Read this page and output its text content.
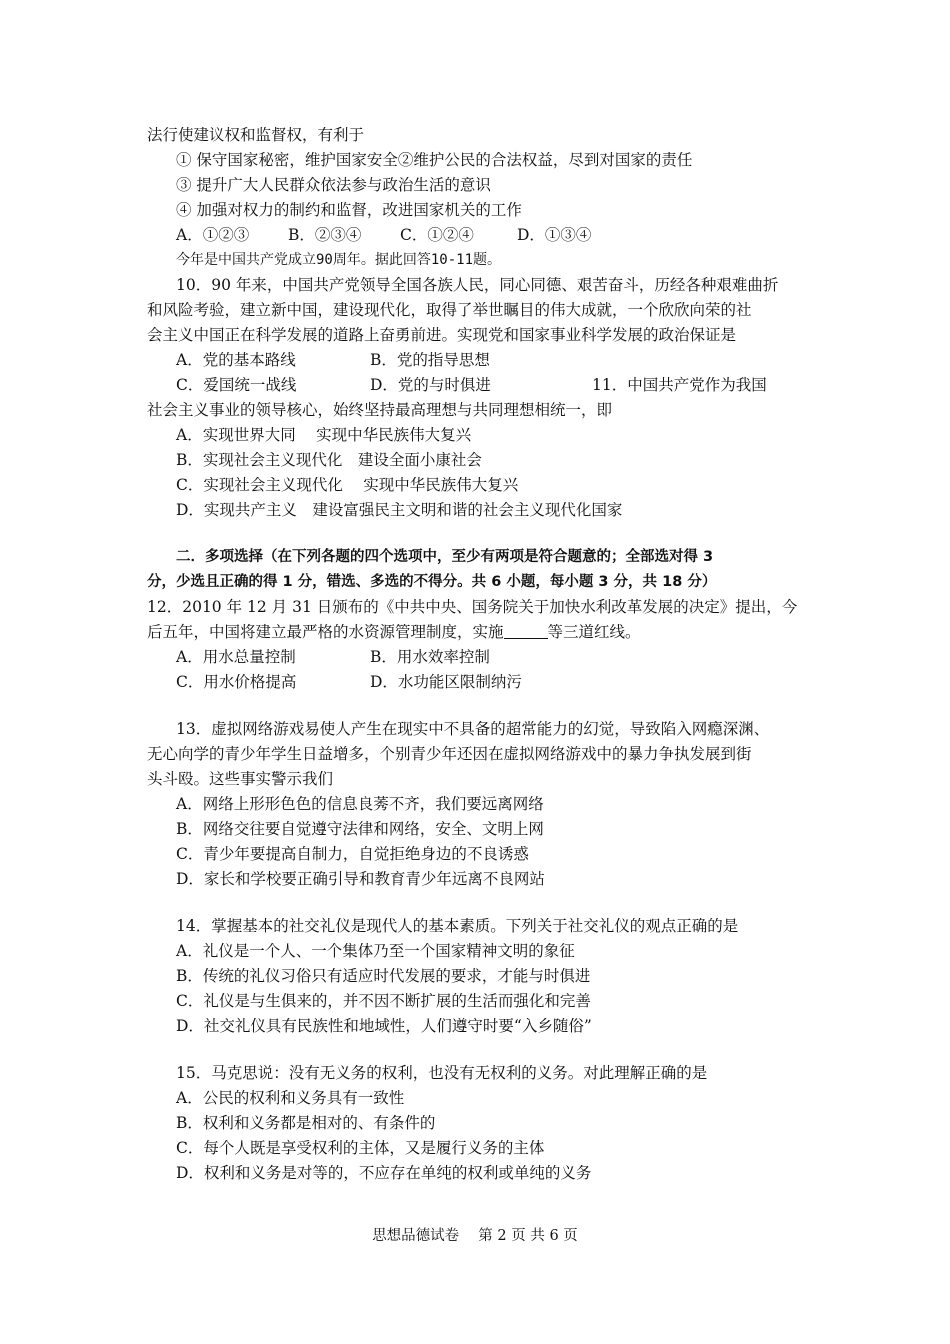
法行使建议权和监督权，有利于
① 保守国家秘密，维护国家安全②维护公民的合法权益，尽到对国家的责任
③ 提升广大人民群众依法参与政治生活的意识
④ 加强对权力的制约和监督，改进国家机关的工作
A．①②③	B．②③④ C．①②④	D．①③④
今年是中国共产党成立90周年。据此回答10-11题。
10．90 年来，中国共产党领导全国各族人民，同心同德、艰苦奋斗，历经各种艰难曲折
和风险考验，建立新中国，建设现代化，取得了举世瞩目的伟大成就，一个欣欣向荣的社
会主义中国正在科学发展的道路上奋勇前进。实现党和国家事业科学发展的政治保证是
A．党的基本路线	B．党的指导思想
C．爱国统一战线	D．党的与时俱进	11．中国共产党作为我国
社会主义事业的领导核心，始终坚持最高理想与共同理想相统一，即
A．实现世界大同　 实现中华民族伟大复兴
B．实现社会主义现代化　建设全面小康社会
C．实现社会主义现代化　 实现中华民族伟大复兴
D．实现共产主义　建设富强民主文明和谐的社会主义现代化国家
二．多项选择（在下列各题的四个选项中，至少有两项是符合题意的；全部选对得 3
分，少选且正确的得 1 分，错选、多选的不得分。共 6 小题，每小题 3 分，共 18 分）
12．2010 年 12 月 31 日颁布的《中共中央、国务院关于加快水利改革发展的决定》提出，今
后五年，中国将建立最严格的水资源管理制度，实施	等三道红线。
A．用水总量控制	B．用水效率控制
C．用水价格提高	D．水功能区限制纳污
13．虚拟网络游戏易使人产生在现实中不具备的超常能力的幻觉，导致陷入网瘾深渊、
无心向学的青少年学生日益增多，个别青少年还因在虚拟网络游戏中的暴力争执发展到街
头斗殴。这些事实警示我们
A．网络上形形色色的信息良莠不齐，我们要远离网络
B．网络交往要自觉遵守法律和网络，安全、文明上网
C．青少年要提高自制力，自觉拒绝身边的不良诱惑
D．家长和学校要正确引导和教育青少年远离不良网站
14．掌握基本的社交礼仪是现代人的基本素质。下列关于社交礼仪的观点正确的是
A．礼仪是一个人、一个集体乃至一个国家精神文明的象征
B．传统的礼仪习俗只有适应时代发展的要求，才能与时俱进
C．礼仪是与生俱来的，并不因不断扩展的生活而强化和完善
D．社交礼仪具有民族性和地域性，人们遵守时要“入乡随俗”
15．马克思说：没有无义务的权利，也没有无权利的义务。对此理解正确的是
A．公民的权利和义务具有一致性
B．权利和义务都是相对的、有条件的
C．每个人既是享受权利的主体，又是履行义务的主体
D．权利和义务是对等的，不应存在单纯的权利或单纯的义务
思想品德试卷　 第 2 页 共 6 页
